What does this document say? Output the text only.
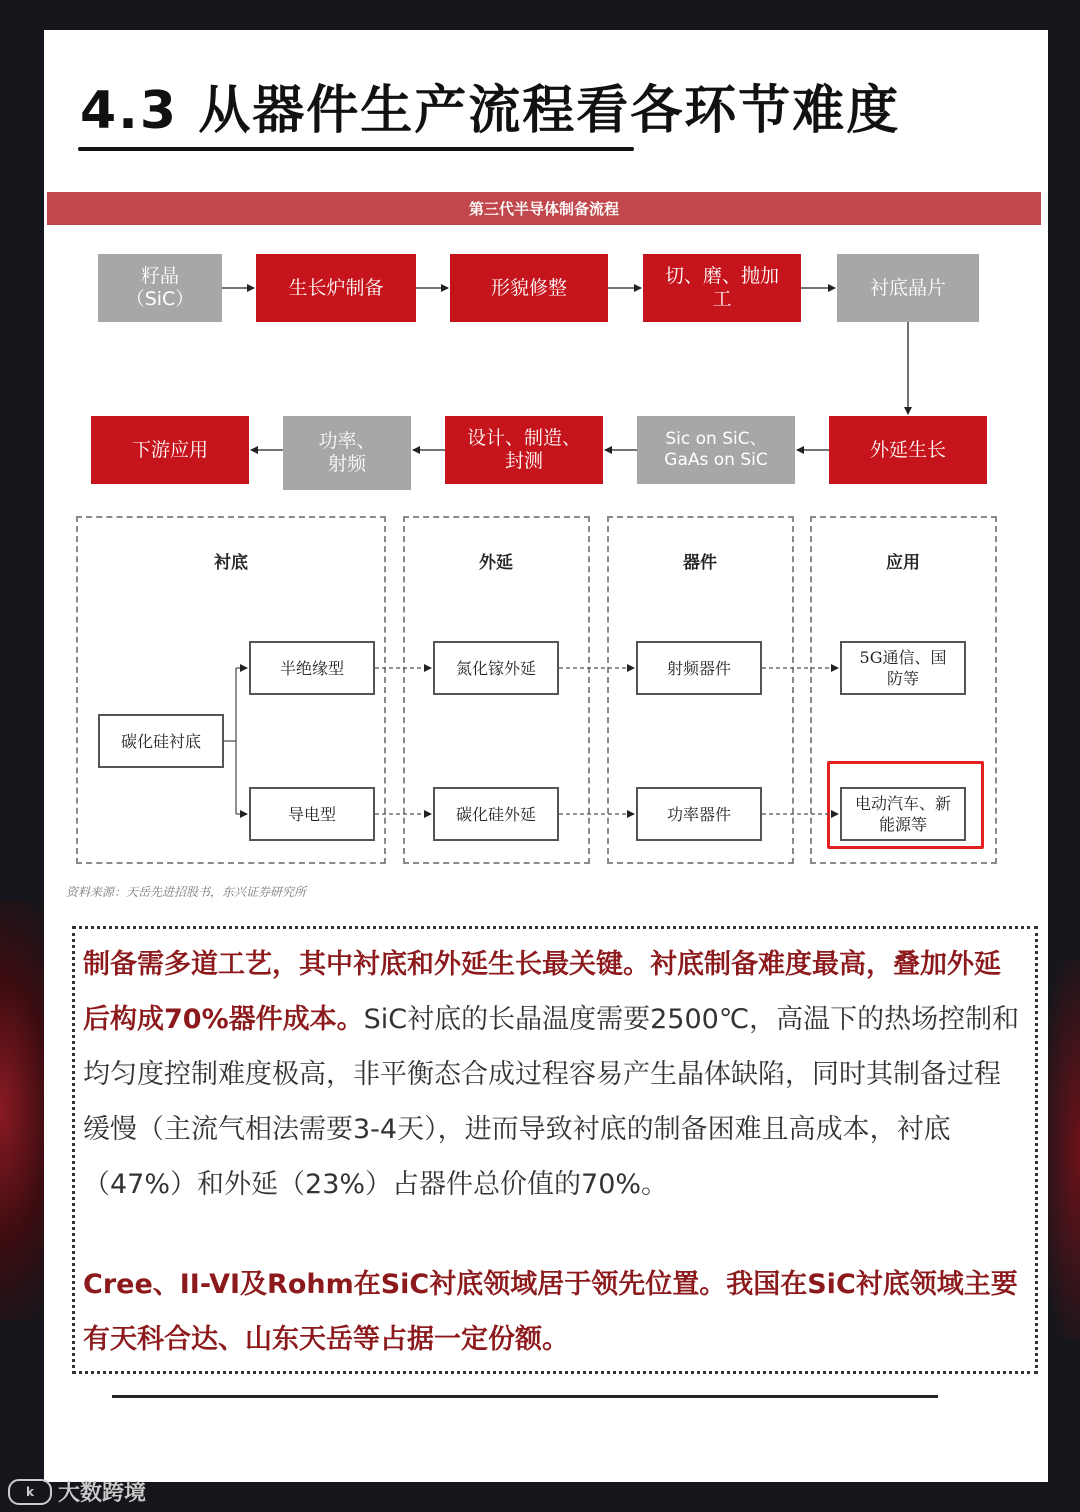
4.3 从器件生产流程看各环节难度
第三代半导体制备流程
籽晶
（SiC）
生长炉制备	形貌修整
切、磨、抛加
工
衬底晶片
下游应用	功率、
射频
设计、制造、
封测
Sic on SiC、
GaAs on SiC	外延生长
衬底	外延	器件	应用
碳化硅衬底
半绝缘型
导电型
氮化镓外延
碳化硅外延
射频器件
功率器件
5G通信、国
防等
电动汽车、新
能源等
资料来源：天岳先进招股书，东兴证券研究所

制备需多道工艺，其中衬底和外延生长最关键。衬底制备难度最高，叠加外延后构成70%器件成本。SiC衬底的长晶温度需要2500℃，高温下的热场控制和均匀度控制难度极高，非平衡态合成过程容易产生晶体缺陷，同时其制备过程缓慢（主流气相法需要3-4天），进而导致衬底的制备困难且高成本，衬底（47%）和外延（23%）占器件总价值的70%。

Cree、II-VI及Rohm在SiC衬底领域居于领先位置。我国在SiC衬底领域主要有天科合达、山东天岳等占据一定份额。

k	大数跨境
